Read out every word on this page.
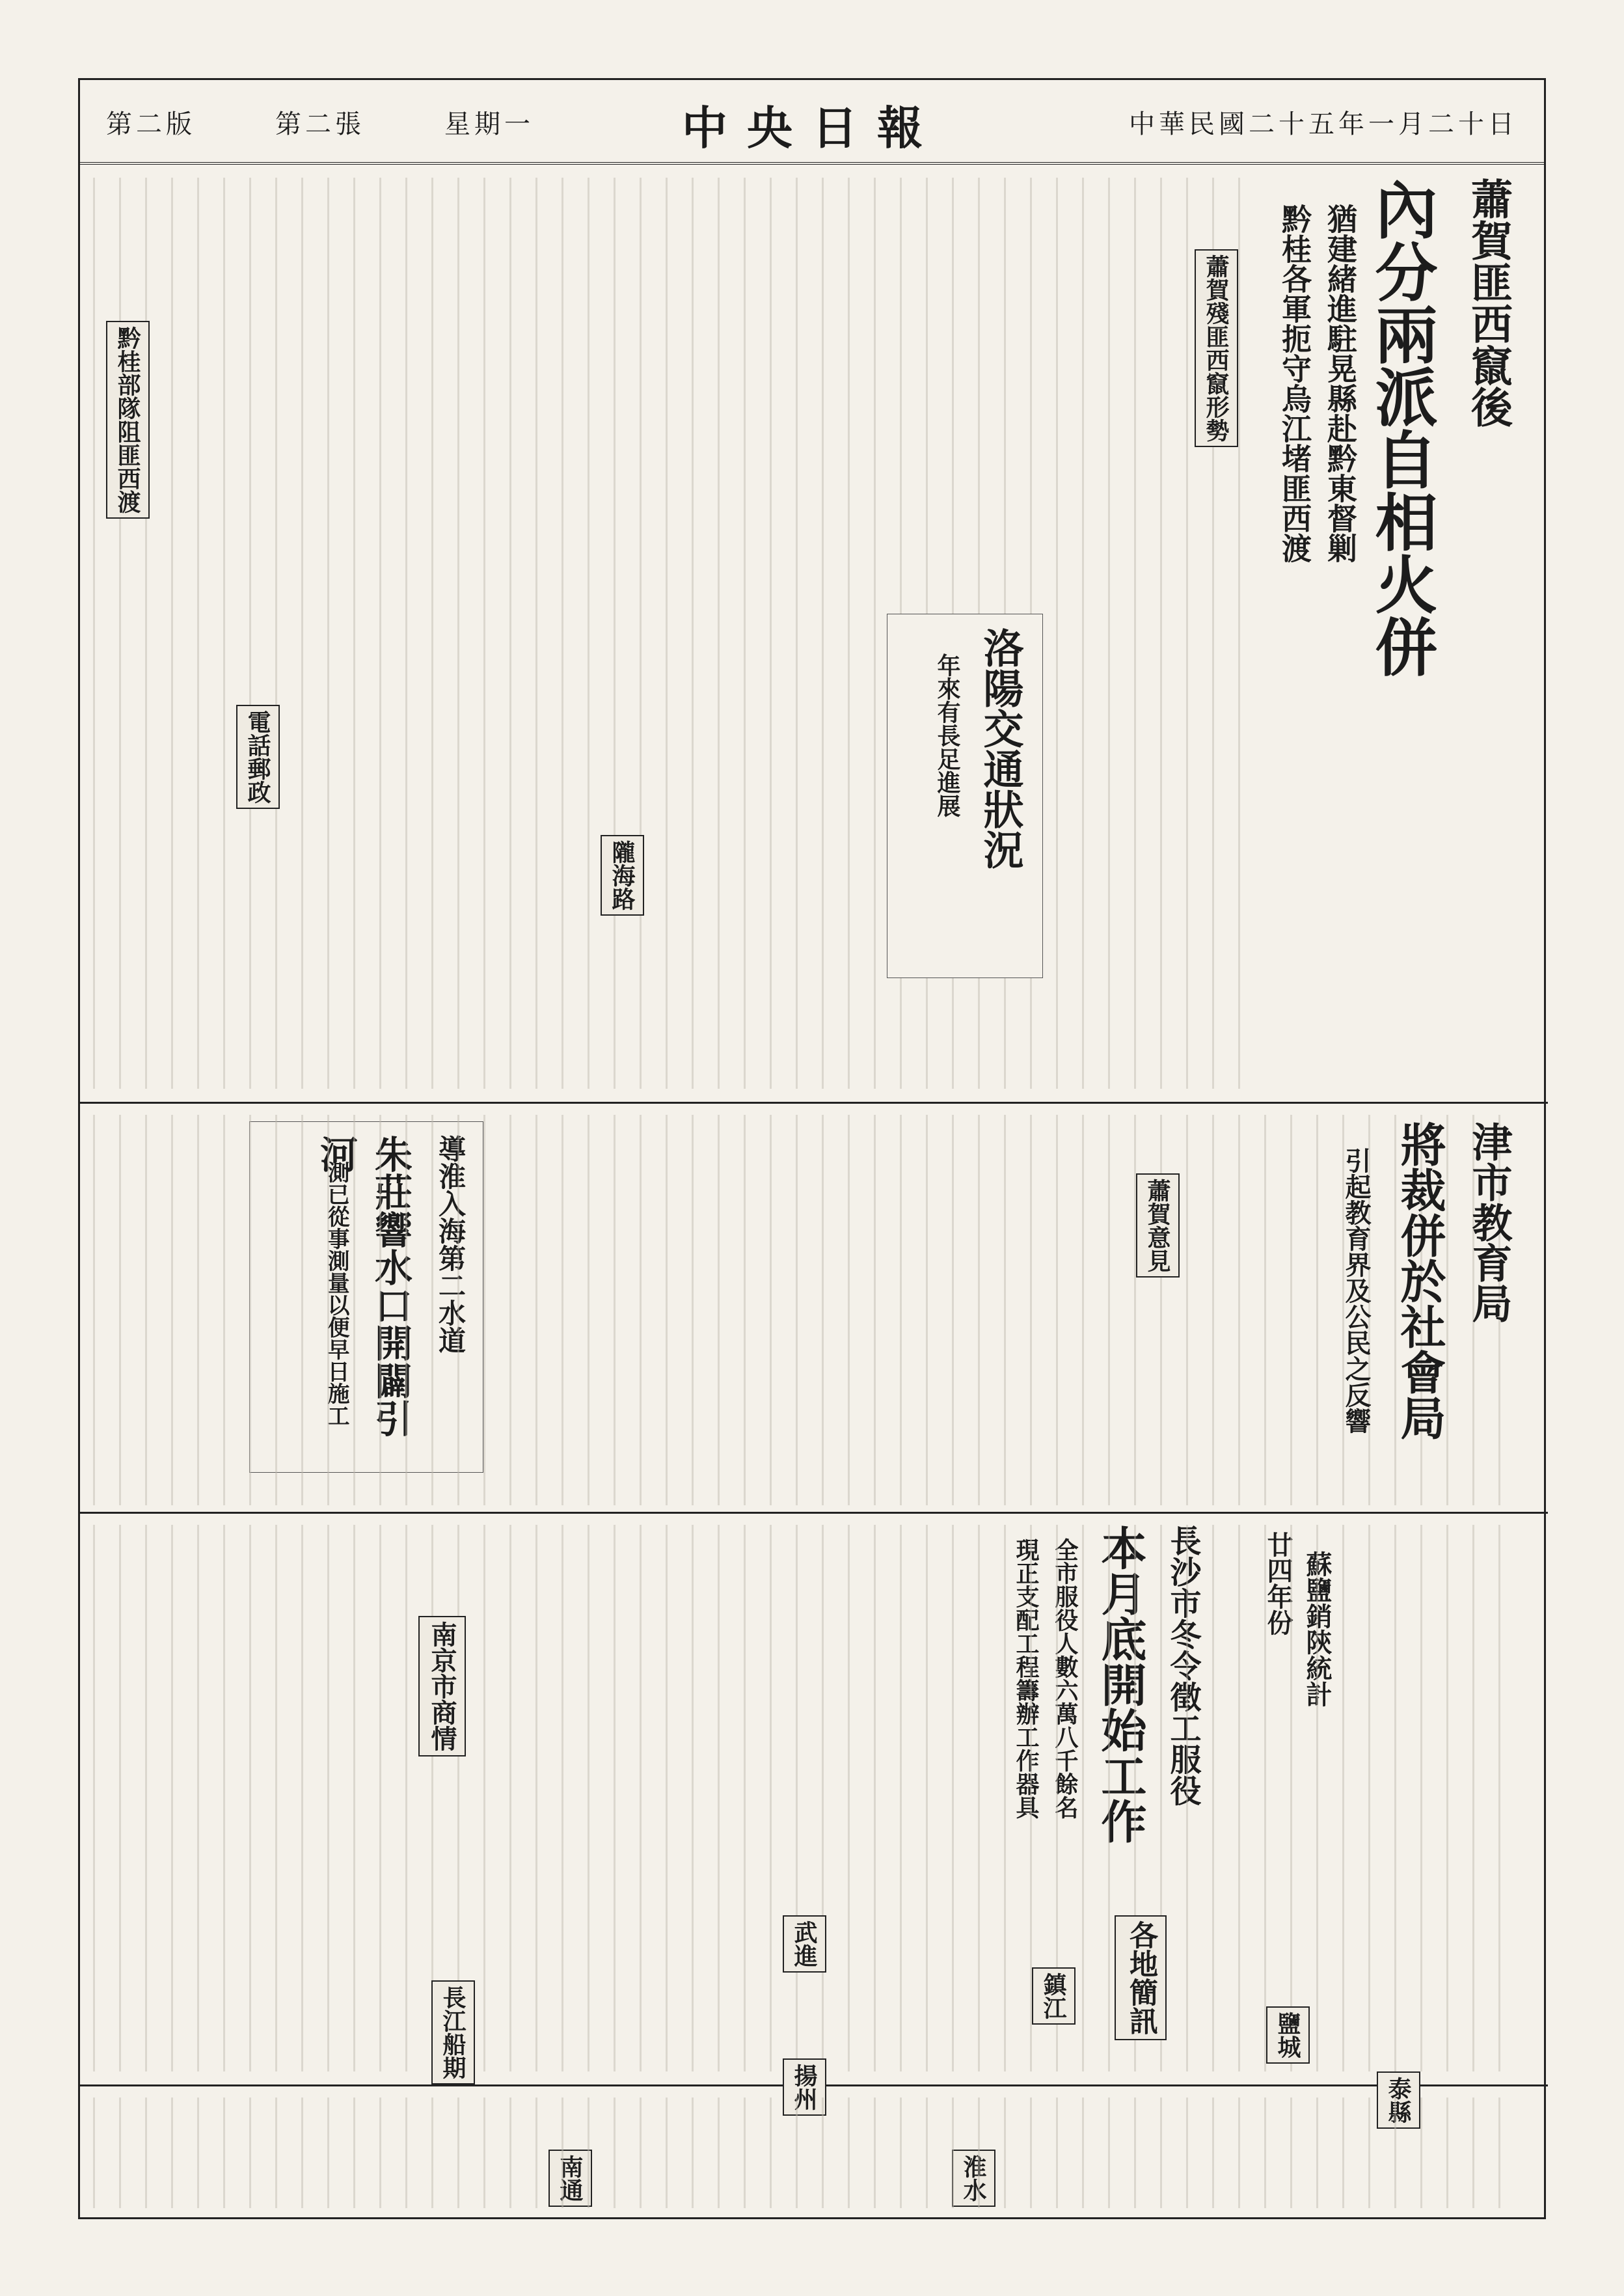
中華民國二十五年一月二十日
中央日報
星期一
第二張
第二版
蕭賀匪西竄後
內分兩派自相火併
猶建緒進駐晃縣赴黔東督剿
黔桂各軍扼守烏江堵匪西渡
蕭賀殘匪西竄形勢
黔桂部隊阻匪西渡
洛陽交通狀況
年來有長足進展
隴海路
電話郵政
導淮入海第二水道
朱莊響水口開闢引河
測已從事測量以便早日施工	津市教育局
將裁併於社會局
引起教育界及公民之反響
蕭賀意見
長沙市冬令徵工服役
本月底開始工作
全市服役人數六萬八千餘名
現正支配工程籌辦工作器具	廿四年份 蘇鹽銷陝統計
南京市商情
各地簡訊
鎮江
鹽城
泰縣
武進
揚州
南通	淮水
長江船期
